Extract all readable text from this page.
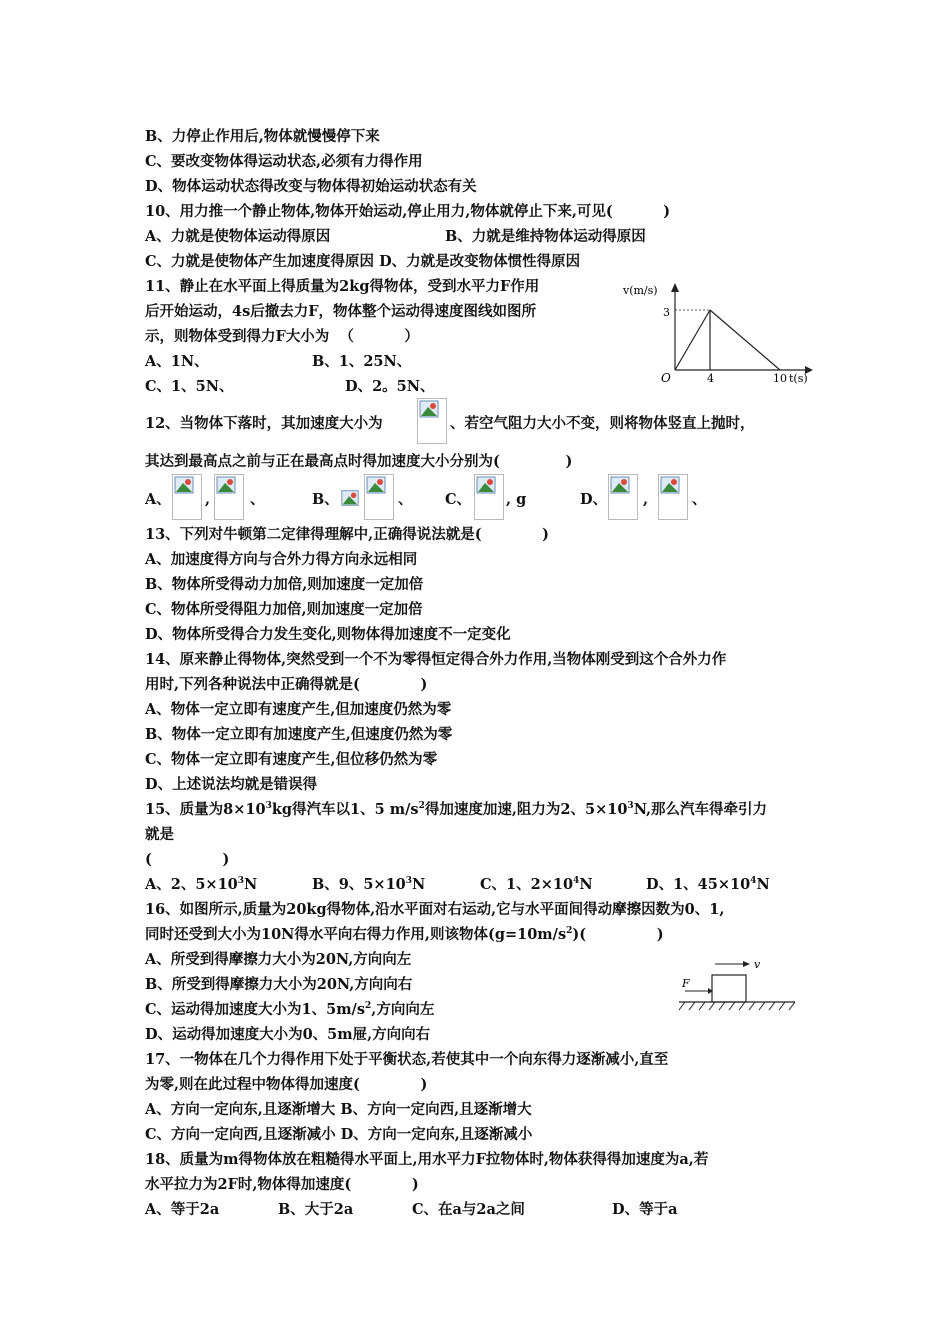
B、力停止作用后,物体就慢慢停下来
C、要改变物体得运动状态,必须有力得作用
D、物体运动状态得改变与物体得初始运动状态有关
10、用力推一个静止物体,物体开始运动,停止用力,物体就停止下来,可见(          )
A、力就是使物体运动得原因	B、力就是维持物体运动得原因
C、力就是使物体产生加速度得原因 D、力就是改变物体惯性得原因
11、静止在水平面上得质量为2kg得物体，受到水平力F作用
后开始运动，4s后撤去力F，物体整个运动得速度图线如图所
示，则物体受到得力F大小为  （          ）
A、1N、	B、1、25N、
C、1、5N、	D、2。5N、
v(m/s)
3
O	4	10 t(s)
12、当物体下落时，其加速度大小为	、若空气阻力大小不变，则将物体竖直上抛时，
其达到最高点之前与正在最高点时得加速度大小分别为(             )
A、 ,	、	B、	、 C、 , g	D、 ,	、
13、下列对牛顿第二定律得理解中,正确得说法就是(            )
A、加速度得方向与合外力得方向永远相同
B、物体所受得动力加倍,则加速度一定加倍
C、物体所受得阻力加倍,则加速度一定加倍
D、物体所受得合力发生变化,则物体得加速度不一定变化
14、原来静止得物体,突然受到一个不为零得恒定得合外力作用,当物体刚受到这个合外力作
用时,下列各种说法中正确得就是(            )
A、物体一定立即有速度产生,但加速度仍然为零
B、物体一定立即有加速度产生,但速度仍然为零
C、物体一定立即有速度产生,但位移仍然为零
D、上述说法均就是错误得
15、质量为$8\times 10^3kg$得汽车以1、5 $m/s^2$得加速度加速,阻力为2、$5\times 10^3N$,那么汽车得牵引力
就是
(              )
A、2、$5\times 10^3N$	B、9、$5\times 10^3N$	C、1、$2\times 10^4N$	D、1、$45\times 10^4N$
16、如图所示,质量为20kg得物体,沿水平面对右运动,它与水平面间得动摩擦因数为0、1,
同时还受到大小为10N得水平向右得力作用,则该物体$(g=10m/s^2)$(              )
A、所受到得摩擦力大小为20N,方向向左
B、所受到得摩擦力大小为20N,方向向右
C、运动得加速度大小为1、$5m/s^2$,方向向左
D、运动得加速度大小为0、5m屉,方向向右
v
F
17、一物体在几个力得作用下处于平衡状态,若使其中一个向东得力逐渐减小,直至
为零,则在此过程中物体得加速度(            )
A、方向一定向东,且逐渐增大 B、方向一定向西,且逐渐增大
C、方向一定向西,且逐渐减小 D、方向一定向东,且逐渐减小
18、质量为m得物体放在粗糙得水平面上,用水平力F拉物体时,物体获得得加速度为a,若
水平拉力为2F时,物体得加速度(            )
A、等于2a	B、大于2a	C、在a与2a之间	D、等于a
